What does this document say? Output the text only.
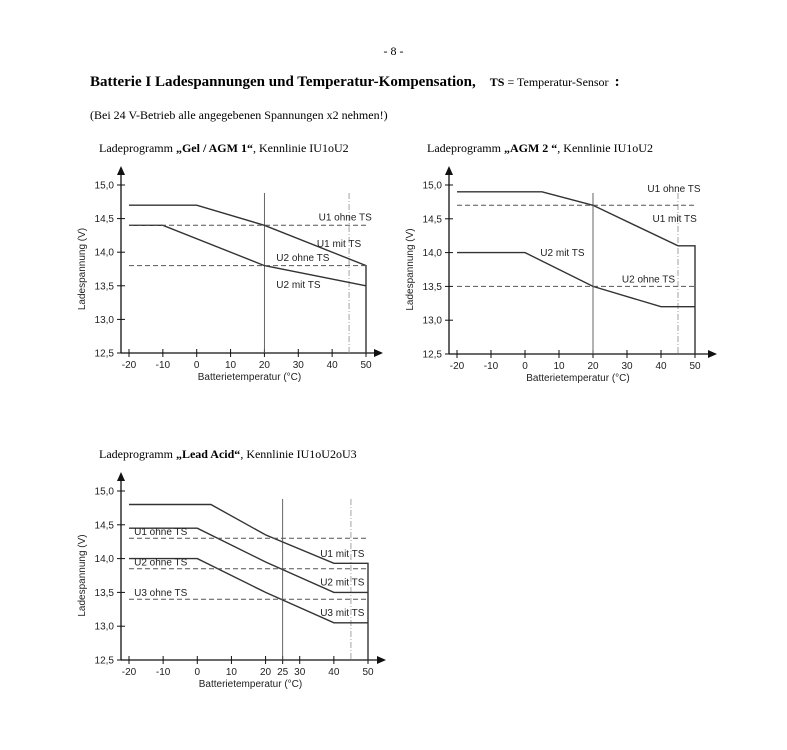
- 8 -
Batterie I Ladespannungen und Temperatur-Kompensation, TS = Temperatur-Sensor :
(Bei 24 V-Betrieb alle angegebenen Spannungen x2 nehmen!)
Ladeprogramm „Gel / AGM 1“, Kennlinie IU1oU2	Ladeprogramm „AGM 2 “, Kennlinie IU1oU2
Ladeprogramm „Lead Acid“, Kennlinie IU1oU2oU3
12,5
13,0
13,5
14,0
14,5
15,0
-20 -10 0	10 20 30 40 50
Batterietemperatur (°C)
Ladespannung (V)
U1 ohne TS
U1 mit TS
U2 ohne TS
U2 mit TS
12,5
13,0
13,5
14,0
14,5
15,0
-20 -10 0	10 20 30 40 50
Batterietemperatur (°C)
Ladespannung (V)
U1 ohne TS
U1 mit TS
U2 mit TS
U2 ohne TS
12,5
13,0
13,5
14,0
14,5
15,0
-20 -10 0	10 20 25 30 40 50
Batterietemperatur (°C)
Ladespannung (V)
U1 ohne TS
U2 ohne TS
U3 ohne TS
U1 mit TS
U2 mit TS
U3 mit TS
